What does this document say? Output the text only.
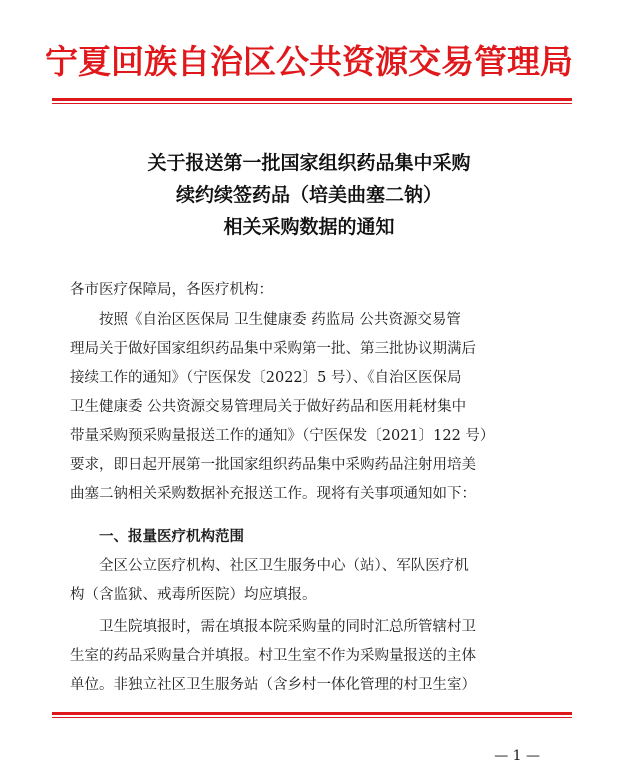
宁夏回族自治区公共资源交易管理局
关于报送第一批国家组织药品集中采购
续约续签药品（培美曲塞二钠）
相关采购数据的通知
各市医疗保障局，各医疗机构：
按照《自治区医保局 卫生健康委 药监局 公共资源交易管
理局关于做好国家组织药品集中采购第一批、第三批协议期满后
接续工作的通知》（宁医保发〔2022〕5 号）、《自治区医保局
卫生健康委 公共资源交易管理局关于做好药品和医用耗材集中
带量采购预采购量报送工作的通知》（宁医保发〔2021〕122 号）
要求，即日起开展第一批国家组织药品集中采购药品注射用培美
曲塞二钠相关采购数据补充报送工作。现将有关事项通知如下：
一、报量医疗机构范围
全区公立医疗机构、社区卫生服务中心（站）、军队医疗机
构（含监狱、戒毒所医院）均应填报。
卫生院填报时，需在填报本院采购量的同时汇总所管辖村卫
生室的药品采购量合并填报。村卫生室不作为采购量报送的主体
单位。非独立社区卫生服务站（含乡村一体化管理的村卫生室）
— 1 —
